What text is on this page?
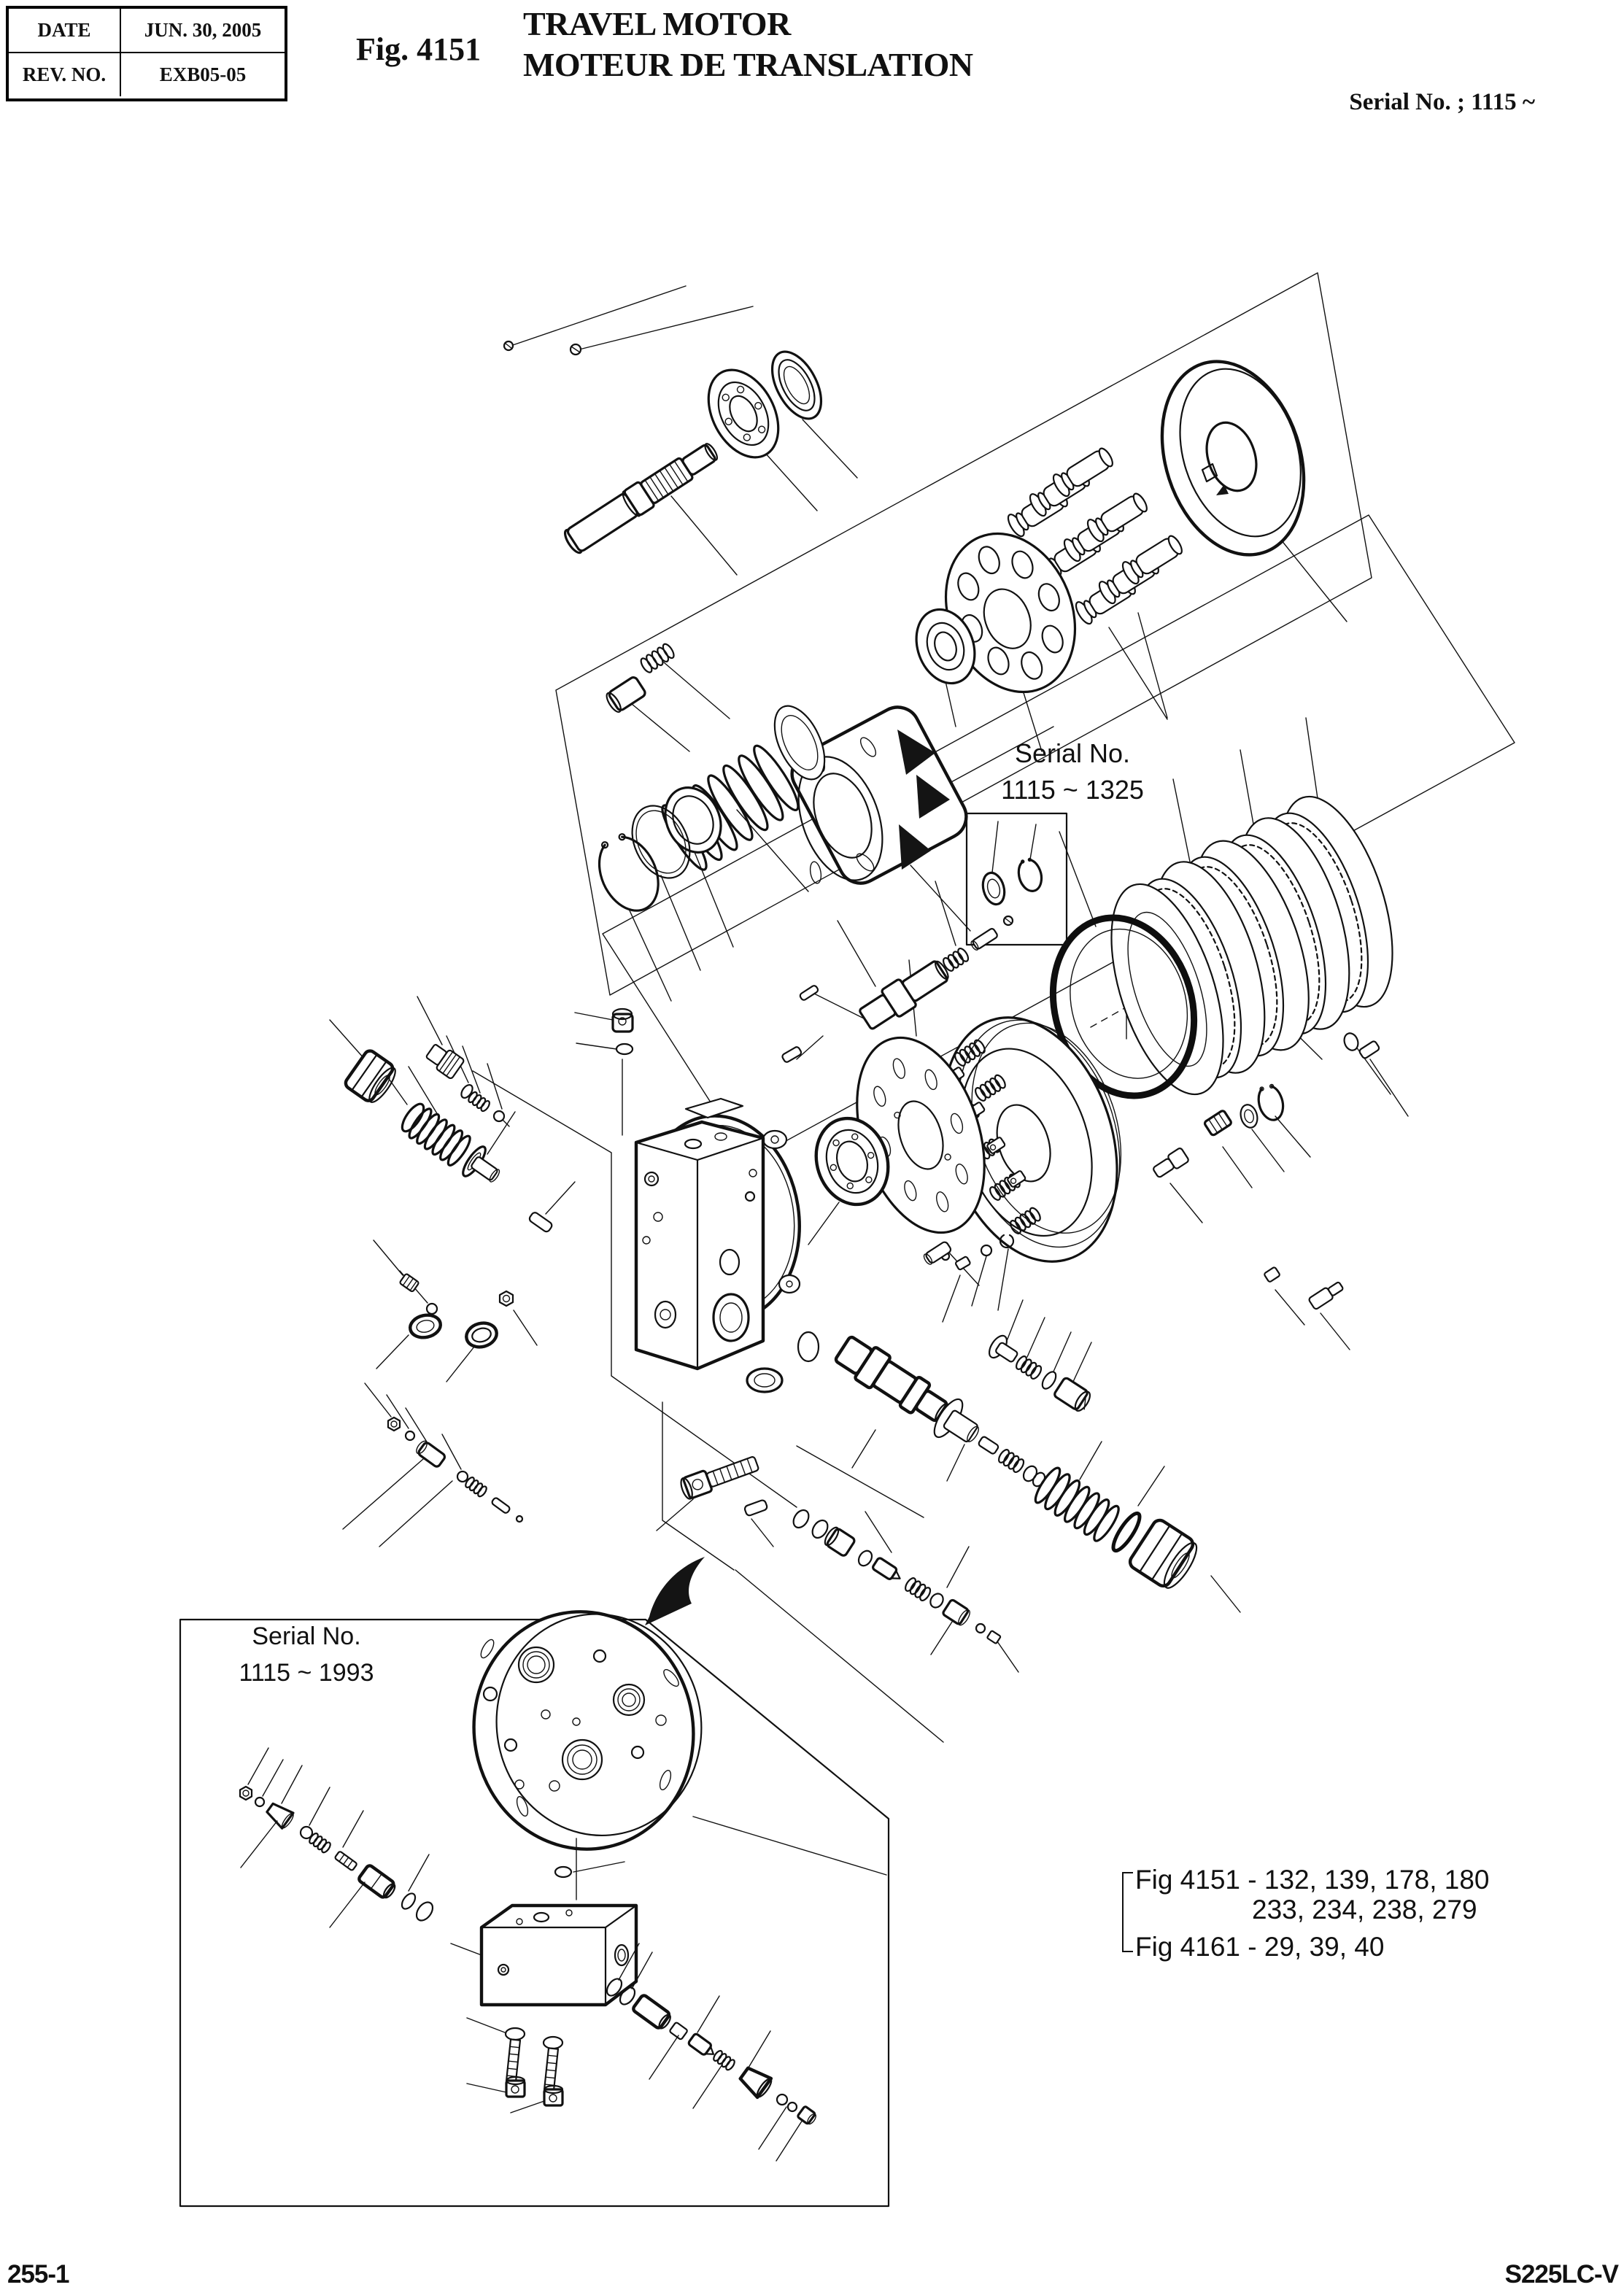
DATE	JUN. 30, 2005
REV. NO.	EXB05-05
Fig. 4151
TRAVEL MOTOR
MOTEUR DE TRANSLATION
Serial No. ; 1115 ~
Serial No.
1115 ~ 1325
Serial No.
1115 ~ 1993
Fig 4151 - 132, 139, 178, 180
233, 234, 238, 279
Fig 4161 - 29, 39, 40
255-1	S225LC-V
